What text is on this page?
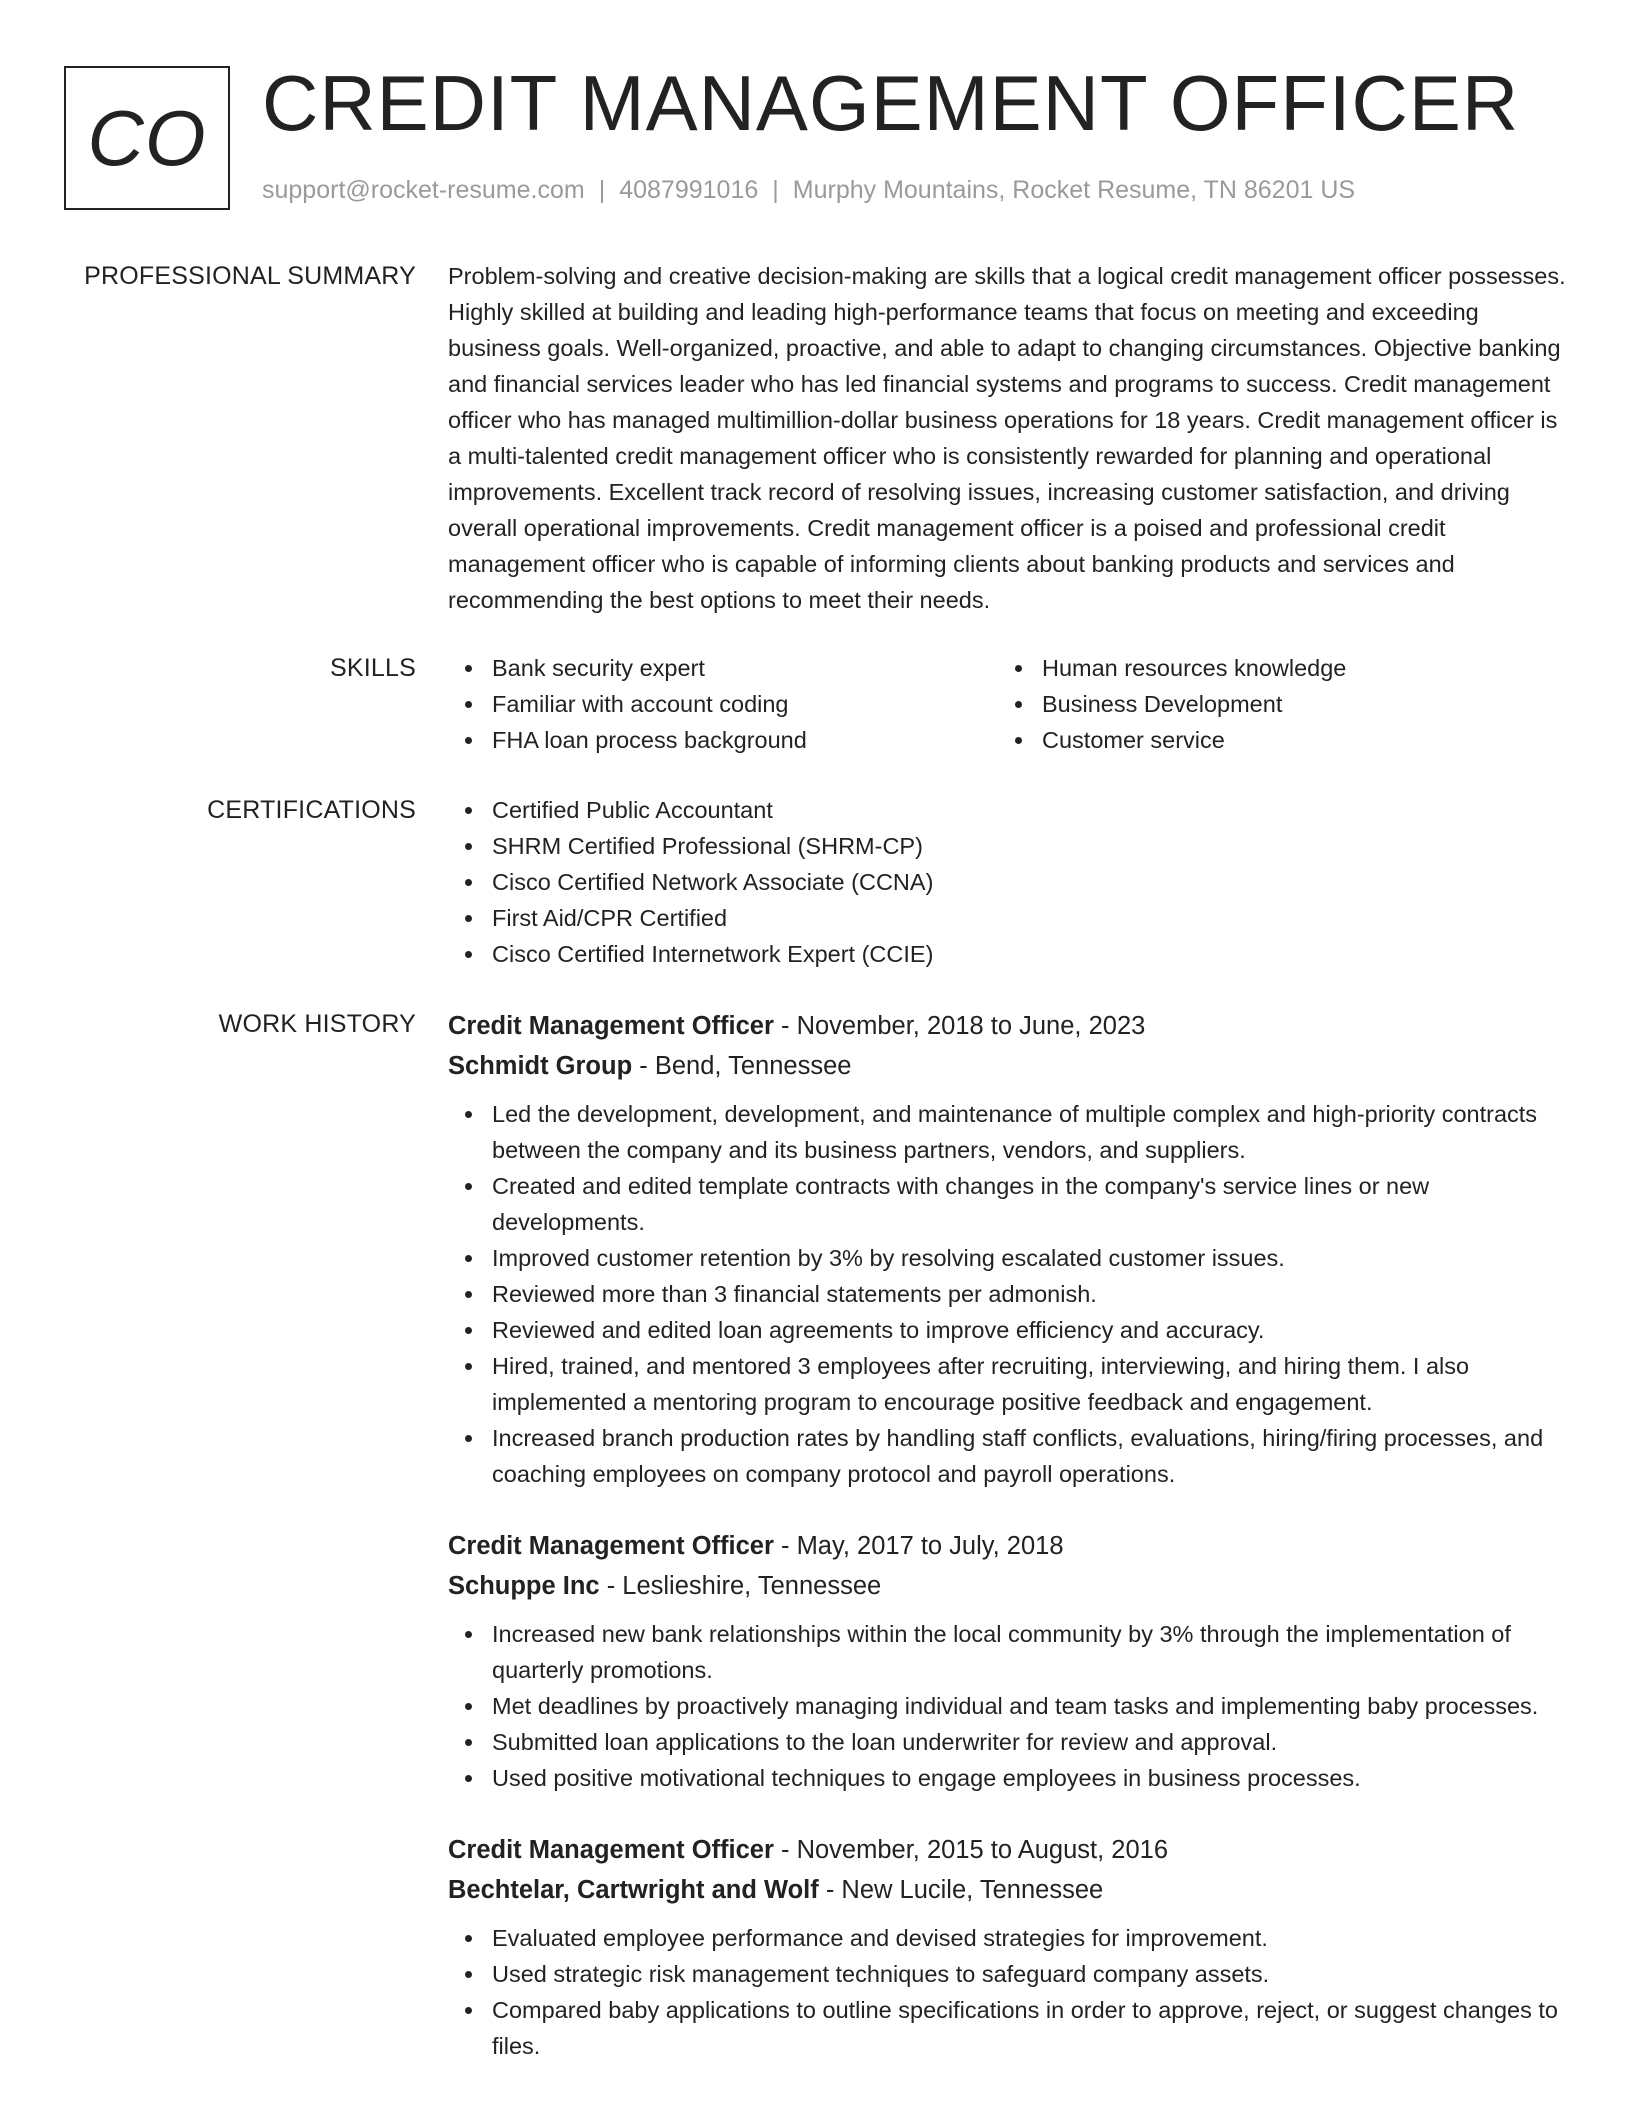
CO CREDIT MANAGEMENT OFFICER
support@rocket-resume.com | 4087991016 | Murphy Mountains, Rocket Resume, TN 86201 US
PROFESSIONAL SUMMARY Problem-solving and creative decision-making are skills that a logical credit management officer possesses. Highly skilled at building and leading high-performance teams that focus on meeting and exceeding business goals. Well-organized, proactive, and able to adapt to changing circumstances. Objective banking and financial services leader who has led financial systems and programs to success. Credit management officer who has managed multimillion-dollar business operations for 18 years. Credit management officer is a multi-talented credit management officer who is consistently rewarded for planning and operational improvements. Excellent track record of resolving issues, increasing customer satisfaction, and driving overall operational improvements. Credit management officer is a poised and professional credit management officer who is capable of informing clients about banking products and services and recommending the best options to meet their needs.
SKILLS	Bank security expert
Familiar with account coding
FHA loan process background
Human resources knowledge
Business Development
Customer service
CERTIFICATIONS	Certified Public Accountant
SHRM Certified Professional (SHRM-CP)
Cisco Certified Network Associate (CCNA)
First Aid/CPR Certified
Cisco Certified Internetwork Expert (CCIE)
WORK HISTORY Credit Management Officer - November, 2018 to June, 2023
Schmidt Group - Bend, Tennessee
Led the development, development, and maintenance of multiple complex and high-priority contracts between the company and its business partners, vendors, and suppliers.
Created and edited template contracts with changes in the company's service lines or new developments.
Improved customer retention by 3% by resolving escalated customer issues.
Reviewed more than 3 financial statements per admonish.
Reviewed and edited loan agreements to improve efficiency and accuracy.
Hired, trained, and mentored 3 employees after recruiting, interviewing, and hiring them. I also implemented a mentoring program to encourage positive feedback and engagement.
Increased branch production rates by handling staff conflicts, evaluations, hiring/firing processes, and coaching employees on company protocol and payroll operations.
Credit Management Officer - May, 2017 to July, 2018
Schuppe Inc - Leslieshire, Tennessee
Increased new bank relationships within the local community by 3% through the implementation of quarterly promotions.
Met deadlines by proactively managing individual and team tasks and implementing baby processes.
Submitted loan applications to the loan underwriter for review and approval.
Used positive motivational techniques to engage employees in business processes.
Credit Management Officer - November, 2015 to August, 2016
Bechtelar, Cartwright and Wolf - New Lucile, Tennessee
Evaluated employee performance and devised strategies for improvement.
Used strategic risk management techniques to safeguard company assets.
Compared baby applications to outline specifications in order to approve, reject, or suggest changes to files.
